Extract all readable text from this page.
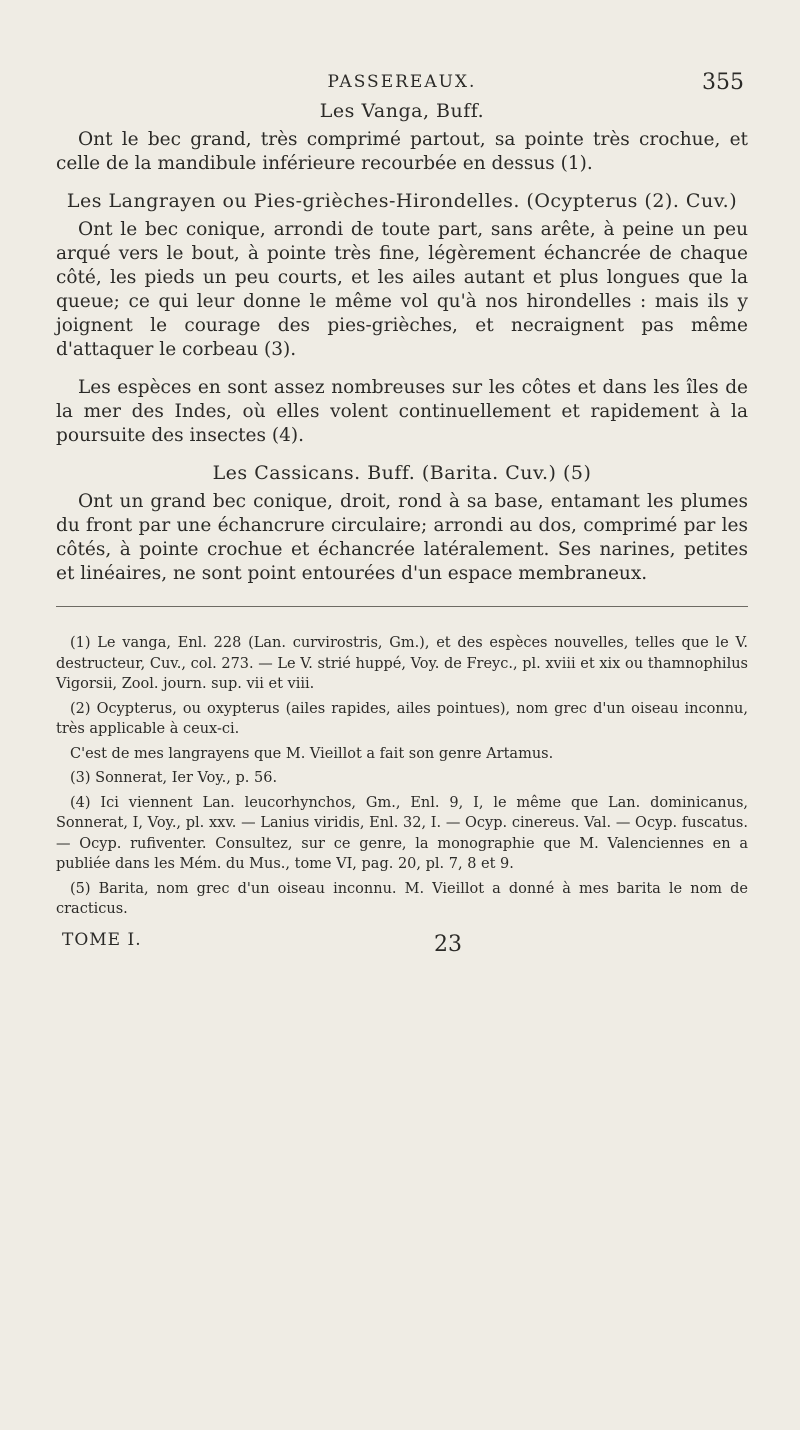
PASSEREAUX.	355
Les Vanga, Buff.

Ont le bec grand, très comprimé partout, sa pointe très crochue, et celle de la mandibule inférieure recourbée en dessus (1).

Les Langrayen ou Pies-grièches-Hirondelles. (Ocypterus (2). Cuv.)

Ont le bec conique, arrondi de toute part, sans arête, à peine un peu arqué vers le bout, à pointe très fine, légèrement échancrée de chaque côté, les pieds un peu courts, et les ailes autant et plus longues que la queue; ce qui leur donne le même vol qu'à nos hirondelles : mais ils y joignent le courage des pies-grièches, et necraignent pas même d'attaquer le corbeau (3).

Les espèces en sont assez nombreuses sur les côtes et dans les îles de la mer des Indes, où elles volent continuellement et rapidement à la poursuite des insectes (4).

Les Cassicans. Buff. (Barita. Cuv.) (5)

Ont un grand bec conique, droit, rond à sa base, entamant les plumes du front par une échancrure circulaire; arrondi au dos, comprimé par les côtés, à pointe crochue et échancrée latéralement. Ses narines, petites et linéaires, ne sont point entourées d'un espace membraneux.

(1) Le vanga, Enl. 228 (Lan. curvirostris, Gm.), et des espèces nouvelles, telles que le V. destructeur, Cuv., col. 273. — Le V. strié huppé, Voy. de Freyc., pl. xviii et xix ou thamnophilus Vigorsii, Zool. journ. sup. vii et viii.

(2) Ocypterus, ou oxypterus (ailes rapides, ailes pointues), nom grec d'un oiseau inconnu, très applicable à ceux-ci.

C'est de mes langrayens que M. Vieillot a fait son genre Artamus.

(3) Sonnerat, Ier Voy., p. 56.

(4) Ici viennent Lan. leucorhynchos, Gm., Enl. 9, I, le même que Lan. dominicanus, Sonnerat, I, Voy., pl. xxv. — Lanius viridis, Enl. 32, I. — Ocyp. cinereus. Val. — Ocyp. fuscatus. — Ocyp. rufiventer. Consultez, sur ce genre, la monographie que M. Valenciennes en a publiée dans les Mém. du Mus., tome VI, pag. 20, pl. 7, 8 et 9.

(5) Barita, nom grec d'un oiseau inconnu. M. Vieillot a donné à mes barita le nom de cracticus.

TOME I.	23
